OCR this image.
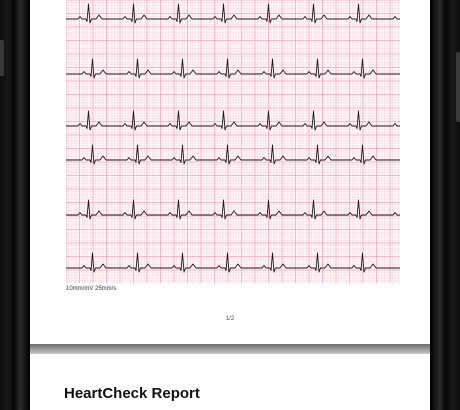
10mm/mV 25mm/s
1/2
HeartCheck Report
